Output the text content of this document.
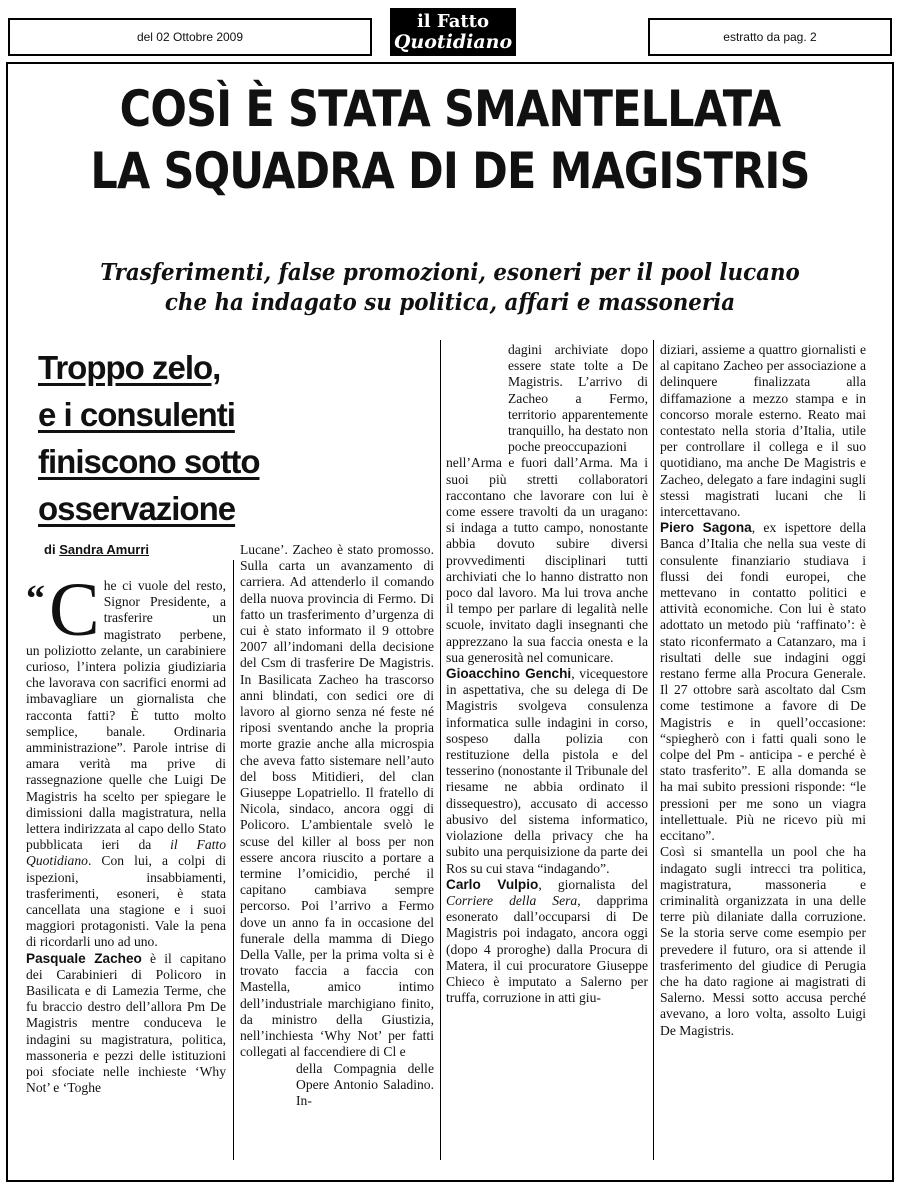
del 02 Ottobre 2009
il Fatto
Quotidiano	estratto da pag. 2
COSÌ È STATA SMANTELLATA
LA SQUADRA DI DE MAGISTRIS
Trasferimenti, false promozioni, esoneri per il pool lucano
che ha indagato su politica, affari e massoneria
Troppo zelo,
e i consulenti
finiscono sotto
osservazione
di Sandra Amurri

“ C he ci vuole del resto, Signor Presidente, a trasferire un magistrato perbene, un poliziotto zelante, un carabiniere curioso, l’intera polizia giudiziaria che lavorava con sacrifici enormi ad imbavagliare un giornalista che racconta fatti? È tutto molto semplice, banale. Ordinaria amministrazione”. Parole intrise di amara verità ma prive di rassegnazione quelle che Luigi De Magistris ha scelto per spiegare le dimissioni dalla magistratura, nella lettera indirizzata al capo dello Stato pubblicata ieri da il Fatto Quotidiano. Con lui, a colpi di ispezioni, insabbiamenti, trasferimenti, esoneri, è stata cancellata una stagione e i suoi maggiori protagonisti. Vale la pena di ricordarli uno ad uno.

Pasquale Zacheo è il capitano dei Carabinieri di Policoro in Basilicata e di Lamezia Terme, che fu braccio destro dell’allora Pm De Magistris mentre conduceva le indagini su magistratura, politica, massoneria e pezzi delle istituzioni poi sfociate nelle inchieste ‘Why Not’ e ‘Toghe

Lucane’. Zacheo è stato promosso. Sulla carta un avanzamento di carriera. Ad attenderlo il comando della nuova provincia di Fermo. Di fatto un trasferimento d’urgenza di cui è stato informato il 9 ottobre 2007 all’indomani della decisione del Csm di trasferire De Magistris. In Basilicata Zacheo ha trascorso anni blindati, con sedici ore di lavoro al giorno senza né feste né riposi sventando anche la propria morte grazie anche alla microspia che aveva fatto sistemare nell’auto del boss Mitidieri, del clan Giuseppe Lopatriello. Il fratello di Nicola, sindaco, ancora oggi di Policoro. L’ambientale svelò le scuse del killer al boss per non essere ancora riuscito a portare a termine l’omicidio, perché il capitano cambiava sempre percorso. Poi l’arrivo a Fermo dove un anno fa in occasione del funerale della mamma di Diego Della Valle, per la prima volta si è trovato faccia a faccia con Mastella, amico intimo dell’industriale marchigiano finito, da ministro della Giustizia, nell’inchiesta ‘Why Not’ per fatti collegati al faccendiere di Cl e

della Compagnia delle Opere Antonio Saladino. In-

dagini archiviate dopo essere state tolte a De Magistris. L’arrivo di Zacheo a Fermo, territorio apparentemente tranquillo, ha destato non poche preoccupazioni

nell’Arma e fuori dall’Arma. Ma i suoi più stretti collaboratori raccontano che lavorare con lui è come essere travolti da un uragano: si indaga a tutto campo, nonostante abbia dovuto subire diversi provvedimenti disciplinari tutti archiviati che lo hanno distratto non poco dal lavoro. Ma lui trova anche il tempo per parlare di legalità nelle scuole, invitato dagli insegnanti che apprezzano la sua faccia onesta e la sua generosità nel comunicare.

Gioacchino Genchi, vicequestore in aspettativa, che su delega di De Magistris svolgeva consulenza informatica sulle indagini in corso, sospeso dalla polizia con restituzione della pistola e del tesserino (nonostante il Tribunale del riesame ne abbia ordinato il dissequestro), accusato di accesso abusivo del sistema informatico, violazione della privacy che ha subito una perquisizione da parte dei Ros su cui stava “indagando”.

Carlo Vulpio, giornalista del Corriere della Sera, dapprima esonerato dall’occuparsi di De Magistris poi indagato, ancora oggi (dopo 4 proroghe) dalla Procura di Matera, il cui procuratore Giuseppe Chieco è imputato a Salerno per truffa, corruzione in atti giu-

diziari, assieme a quattro giornalisti e al capitano Zacheo per associazione a delinquere finalizzata alla diffamazione a mezzo stampa e in concorso morale esterno. Reato mai contestato nella storia d’Italia, utile per controllare il collega e il suo quotidiano, ma anche De Magistris e Zacheo, delegato a fare indagini sugli stessi magistrati lucani che li intercettavano.

Piero Sagona, ex ispettore della Banca d’Italia che nella sua veste di consulente finanziario studiava i flussi dei fondi europei, che mettevano in contatto politici e attività economiche. Con lui è stato adottato un metodo più ‘raffinato’: è stato riconfermato a Catanzaro, ma i risultati delle sue indagini oggi restano ferme alla Procura Generale. Il 27 ottobre sarà ascoltato dal Csm come testimone a favore di De Magistris e in quell’occasione: “spiegherò con i fatti quali sono le colpe del Pm - anticipa - e perché è stato trasferito”. E alla domanda se ha mai subito pressioni risponde: “le pressioni per me sono un viagra intellettuale. Più ne ricevo più mi eccitano”.

Così si smantella un pool che ha indagato sugli intrecci tra politica, magistratura, massoneria e criminalità organizzata in una delle terre più dilaniate dalla corruzione. Se la storia serve come esempio per prevedere il futuro, ora si attende il trasferimento del giudice di Perugia che ha dato ragione ai magistrati di Salerno. Messi sotto accusa perché avevano, a loro volta, assolto Luigi De Magistris.
